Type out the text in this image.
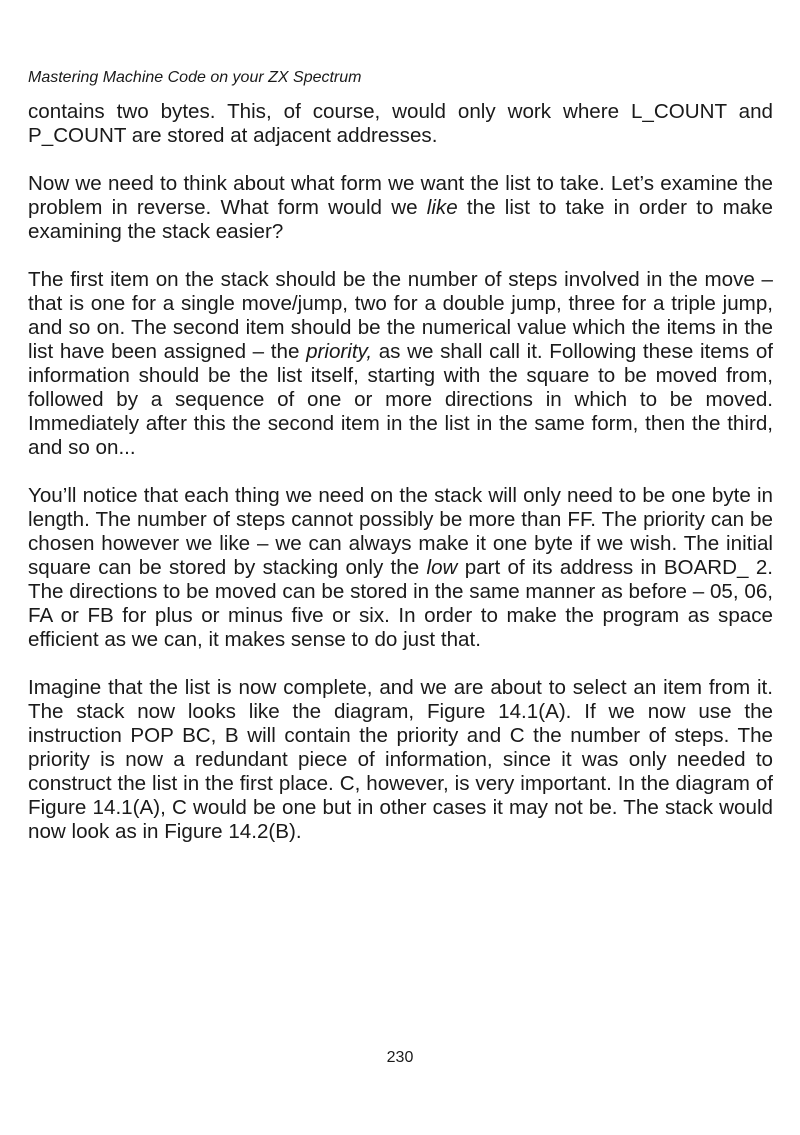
Mastering Machine Code on your ZX Spectrum

contains two bytes. This, of course, would only work where L_COUNT and P_COUNT are stored at adjacent addresses.

Now we need to think about what form we want the list to take. Let’s examine the problem in reverse. What form would we like the list to take in order to make examining the stack easier?

The first item on the stack should be the number of steps involved in the move – that is one for a single move/jump, two for a double jump, three for a triple jump, and so on. The second item should be the numerical value which the items in the list have been assigned – the priority, as we shall call it. Following these items of information should be the list itself, starting with the square to be moved from, followed by a sequence of one or more directions in which to be moved. Immediately after this the second item in the list in the same form, then the third, and so on...

You’ll notice that each thing we need on the stack will only need to be one byte in length. The number of steps cannot possibly be more than FF. The priority can be chosen however we like – we can always make it one byte if we wish. The initial square can be stored by stacking only the low part of its address in BOARD_ 2. The directions to be moved can be stored in the same manner as before – 05, 06, FA or FB for plus or minus five or six. In order to make the program as space efficient as we can, it makes sense to do just that.

Imagine that the list is now complete, and we are about to select an item from it. The stack now looks like the diagram, Figure 14.1(A). If we now use the instruction POP BC, B will contain the priority and C the number of steps. The priority is now a redundant piece of information, since it was only needed to construct the list in the first place. C, however, is very important. In the diagram of Figure 14.1(A), C would be one but in other cases it may not be. The stack would now look as in Figure 14.2(B).

230
